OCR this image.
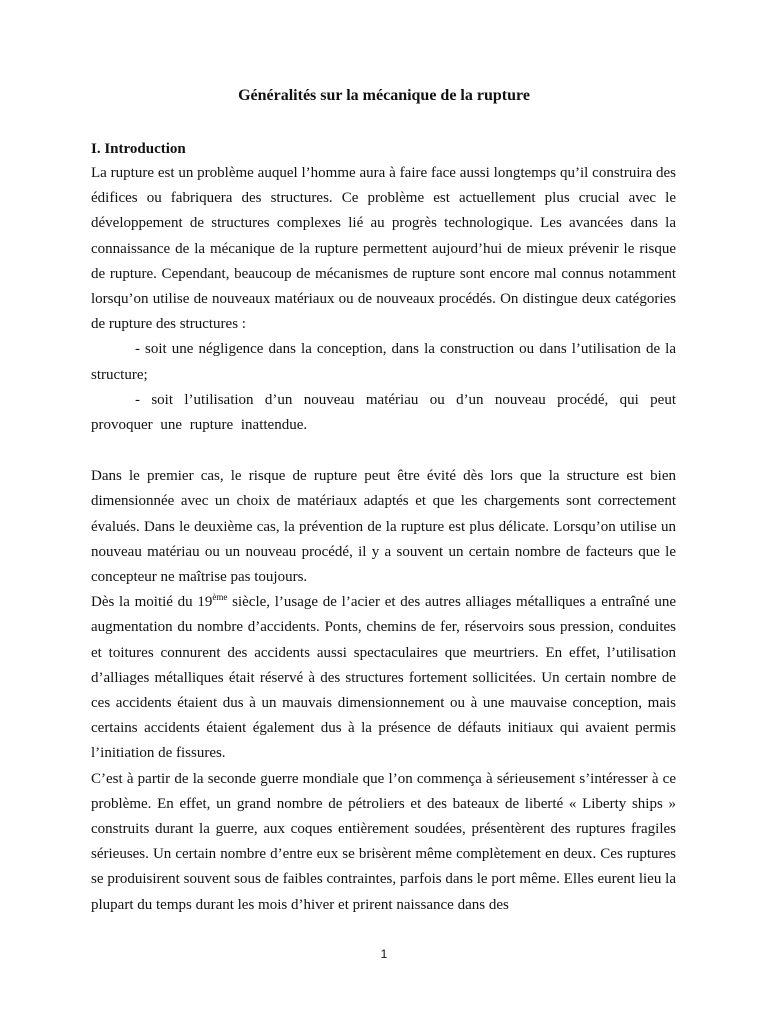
Généralités sur la mécanique de la rupture
I. Introduction

La rupture est un problème auquel l’homme aura à faire face aussi longtemps qu’il construira des édifices ou fabriquera des structures. Ce problème est actuellement plus crucial avec le développement de structures complexes lié au progrès technologique. Les avancées dans la connaissance de la mécanique de la rupture permettent aujourd’hui de mieux prévenir le risque de rupture. Cependant, beaucoup de mécanismes de rupture sont encore mal connus notamment lorsqu’on utilise de nouveaux matériaux ou de nouveaux procédés. On distingue deux catégories de rupture des structures :

- soit une négligence dans la conception, dans la construction ou dans l’utilisation de la structure;

- soit l’utilisation d’un nouveau matériau ou d’un nouveau procédé, qui peut provoquer une rupture inattendue.

Dans le premier cas, le risque de rupture peut être évité dès lors que la structure est bien dimensionnée avec un choix de matériaux adaptés et que les chargements sont correctement évalués. Dans le deuxième cas, la prévention de la rupture est plus délicate. Lorsqu’on utilise un nouveau matériau ou un nouveau procédé, il y a souvent un certain nombre de facteurs que le concepteur ne maîtrise pas toujours.

Dès la moitié du 19ème siècle, l’usage de l’acier et des autres alliages métalliques a entraîné une augmentation du nombre d’accidents. Ponts, chemins de fer, réservoirs sous pression, conduites et toitures connurent des accidents aussi spectaculaires que meurtriers. En effet, l’utilisation d’alliages métalliques était réservé à des structures fortement sollicitées. Un certain nombre de ces accidents étaient dus à un mauvais dimensionnement ou à une mauvaise conception, mais certains accidents étaient également dus à la présence de défauts initiaux qui avaient permis l’initiation de fissures.

C’est à partir de la seconde guerre mondiale que l’on commença à sérieusement s’intéresser à ce problème. En effet, un grand nombre de pétroliers et des bateaux de liberté « Liberty ships » construits durant la guerre, aux coques entièrement soudées, présentèrent des ruptures fragiles sérieuses. Un certain nombre d’entre eux se brisèrent même complètement en deux. Ces ruptures se produisirent souvent sous de faibles contraintes, parfois dans le port même. Elles eurent lieu la plupart du temps durant les mois d’hiver et prirent naissance dans des

1
